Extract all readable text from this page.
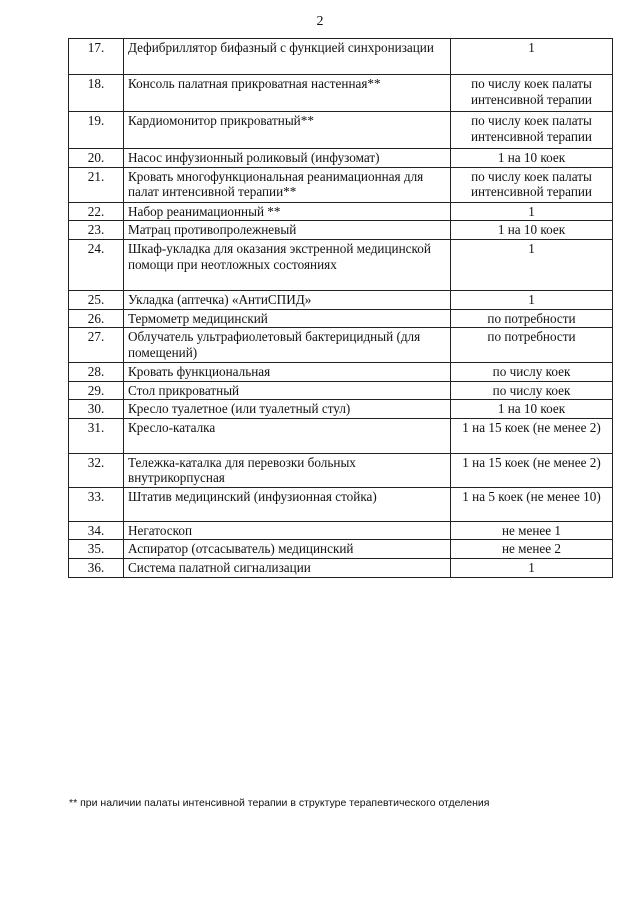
2
17.	Дефибриллятор бифазный с функцией синхронизации	1
18.	Консоль палатная прикроватная настенная**	по числу коек палаты интенсивной терапии
19.	Кардиомонитор прикроватный**	по числу коек палаты интенсивной терапии
20.	Насос инфузионный роликовый (инфузомат)	1 на 10 коек
21.	Кровать многофункциональная реанимационная для палат интенсивной терапии**	по числу коек палаты интенсивной терапии
22.	Набор реанимационный **	1
23.	Матрац противопролежневый	1 на 10 коек
24.	Шкаф-укладка для оказания экстренной медицинской помощи при неотложных состояниях	1
25.	Укладка (аптечка) «АнтиСПИД»	1
26.	Термометр медицинский	по потребности
27.	Облучатель ультрафиолетовый бактерицидный (для помещений)	по потребности
28.	Кровать функциональная	по числу коек
29.	Стол прикроватный	по числу коек
30.	Кресло туалетное (или туалетный стул)	1 на 10 коек
31.	Кресло-каталка	1 на 15 коек (не менее 2)
32.	Тележка-каталка для перевозки больных внутрикорпусная	1 на 15 коек (не менее 2)
33.	Штатив медицинский (инфузионная стойка)	1 на 5 коек (не менее 10)
34.	Негатоскоп	не менее 1
35.	Аспиратор (отсасыватель) медицинский	не менее 2
36.	Система палатной сигнализации	1
** при наличии палаты интенсивной терапии в структуре терапевтического отделения
